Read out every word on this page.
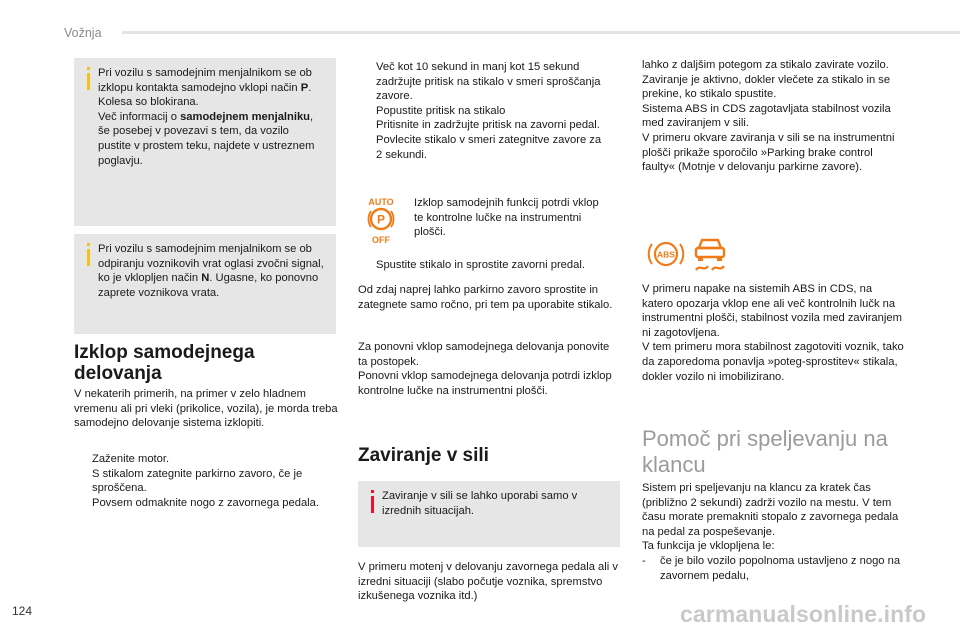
Vožnja
Pri vozilu s samodejnim menjalnikom se ob izklopu kontakta samodejno vklopi način P. Kolesa so blokirana.
Več informacij o samodejnem menjalniku, še posebej v povezavi s tem, da vozilo pustite v prostem teku, najdete v ustreznem poglavju.
Pri vozilu s samodejnim menjalnikom se ob odpiranju voznikovih vrat oglasi zvočni signal, ko je vklopljen način N. Ugasne, ko ponovno zaprete voznikova vrata.
Izklop samodejnega delovanja
V nekaterih primerih, na primer v zelo hladnem vremenu ali pri vleki (prikolice, vozila), je morda treba samodejno delovanje sistema izklopiti.
Zaženite motor.
S stikalom zategnite parkirno zavoro, če je sproščena.
Povsem odmaknite nogo z zavornega pedala.
Več kot 10 sekund in manj kot 15 sekund zadržujte pritisk na stikalo v smeri sproščanja zavore.
Popustite pritisk na stikalo
Pritisnite in zadržujte pritisk na zavorni pedal.
Povlecite stikalo v smeri zategnitve zavore za 2 sekundi.
AUTO
P
OFF
Izklop samodejnih funkcij potrdi vklop te kontrolne lučke na instrumentni plošči.
Spustite stikalo in sprostite zavorni predal.
Od zdaj naprej lahko parkirno zavoro sprostite in zategnete samo ročno, pri tem pa uporabite stikalo.
Za ponovni vklop samodejnega delovanja ponovite ta postopek.
Ponovni vklop samodejnega delovanja potrdi izklop kontrolne lučke na instrumentni plošči.
Zaviranje v sili
Zaviranje v sili se lahko uporabi samo v izrednih situacijah.
V primeru motenj v delovanju zavornega pedala ali v izredni situaciji (slabo počutje voznika, spremstvo izkušenega voznika itd.)
lahko z daljšim potegom za stikalo zavirate vozilo. Zaviranje je aktivno, dokler vlečete za stikalo in se prekine, ko stikalo spustite.
Sistema ABS in CDS zagotavljata stabilnost vozila med zaviranjem v sili.
V primeru okvare zaviranja v sili se na instrumentni plošči prikaže sporočilo »Parking brake control faulty« (Motnje v delovanju parkirne zavore).
ABS
V primeru napake na sistemih ABS in CDS, na katero opozarja vklop ene ali več kontrolnih lučk na instrumentni plošči, stabilnost vozila med zaviranjem ni zagotovljena.
V tem primeru mora stabilnost zagotoviti voznik, tako da zaporedoma ponavlja »poteg-sprostitev« stikala, dokler vozilo ni imobilizirano.
Pomoč pri speljevanju na klancu
Sistem pri speljevanju na klancu za kratek čas (približno 2 sekundi) zadrži vozilo na mestu. V tem času morate premakniti stopalo z zavornega pedala na pedal za pospeševanje.
Ta funkcija je vklopljena le:
- če je bilo vozilo popolnoma ustavljeno z nogo na zavornem pedalu,
124	carmanualsonline.info
